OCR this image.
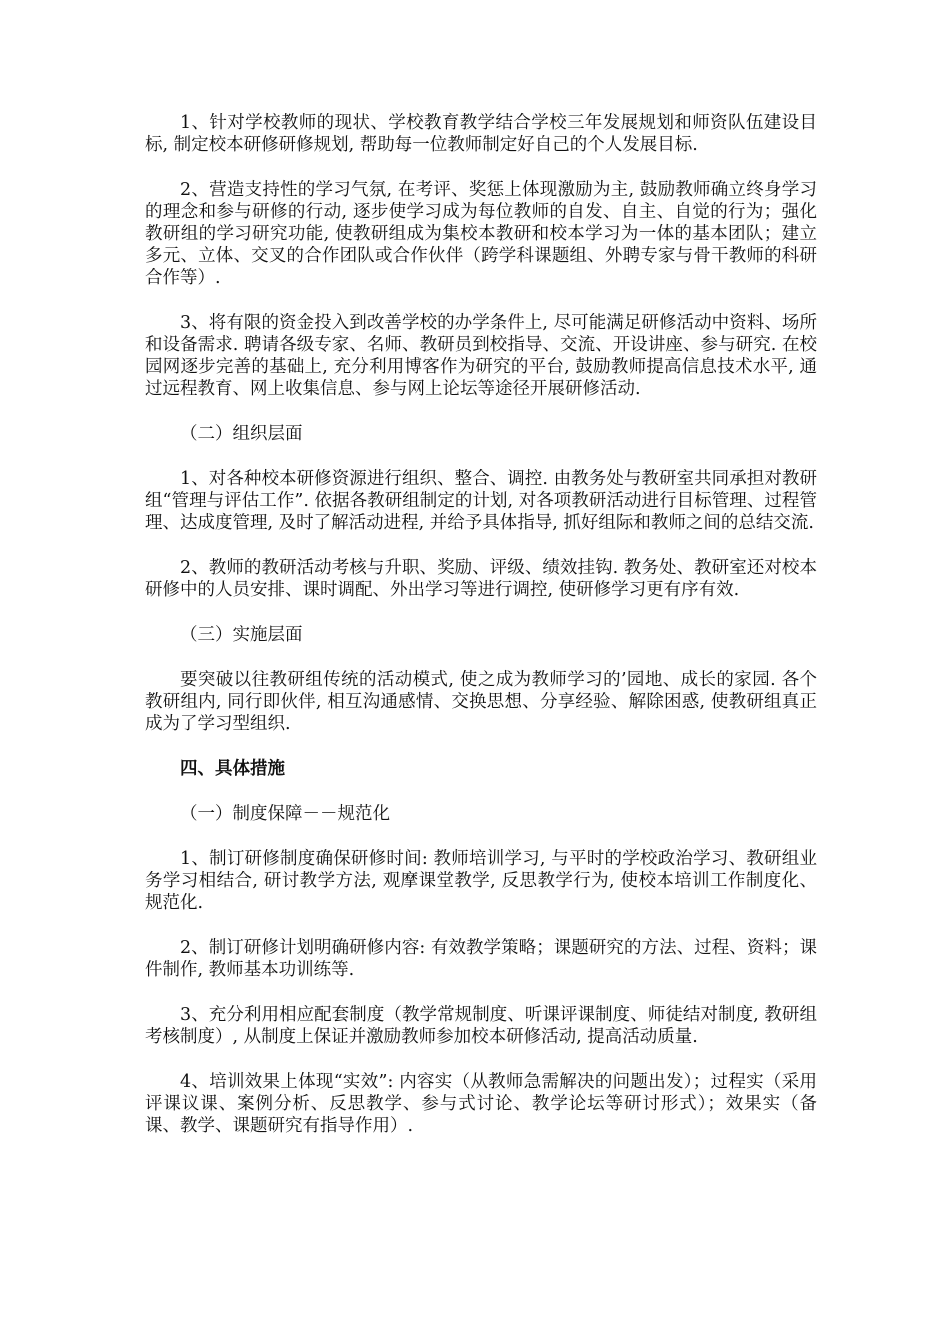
1、针对学校教师的现状、学校教育教学结合学校三年发展规划和师资队伍建设目标, 制定校本研修研修规划, 帮助每一位教师制定好自己的个人发展目标.

2、营造支持性的学习气氛, 在考评、奖惩上体现激励为主, 鼓励教师确立终身学习的理念和参与研修的行动, 逐步使学习成为每位教师的自发、自主、自觉的行为；强化教研组的学习研究功能, 使教研组成为集校本教研和校本学习为一体的基本团队；建立多元、立体、交叉的合作团队或合作伙伴（跨学科课题组、外聘专家与骨干教师的科研合作等）.

3、将有限的资金投入到改善学校的办学条件上, 尽可能满足研修活动中资料、场所和设备需求. 聘请各级专家、名师、教研员到校指导、交流、开设讲座、参与研究. 在校园网逐步完善的基础上, 充分利用博客作为研究的平台, 鼓励教师提高信息技术水平, 通过远程教育、网上收集信息、参与网上论坛等途径开展研修活动.

（二）组织层面

1、对各种校本研修资源进行组织、整合、调控. 由教务处与教研室共同承担对教研组“管理与评估工作”. 依据各教研组制定的计划, 对各项教研活动进行目标管理、过程管理、达成度管理, 及时了解活动进程, 并给予具体指导, 抓好组际和教师之间的总结交流.

2、教师的教研活动考核与升职、奖励、评级、绩效挂钩. 教务处、教研室还对校本研修中的人员安排、课时调配、外出学习等进行调控, 使研修学习更有序有效.

（三）实施层面

要突破以往教研组传统的活动模式, 使之成为教师学习的’园地、成长的家园. 各个教研组内, 同行即伙伴, 相互沟通感情、交换思想、分享经验、解除困惑, 使教研组真正成为了学习型组织.

四、具体措施

（一）制度保障－－规范化

1、制订研修制度确保研修时间: 教师培训学习, 与平时的学校政治学习、教研组业务学习相结合, 研讨教学方法, 观摩课堂教学, 反思教学行为, 使校本培训工作制度化、规范化.

2、制订研修计划明确研修内容: 有效教学策略；课题研究的方法、过程、资料；课件制作, 教师基本功训练等.

3、充分利用相应配套制度（教学常规制度、听课评课制度、师徒结对制度, 教研组考核制度）, 从制度上保证并激励教师参加校本研修活动, 提高活动质量.

4、培训效果上体现“实效”: 内容实（从教师急需解决的问题出发）；过程实（采用评课议课、案例分析、反思教学、参与式讨论、教学论坛等研讨形式）；效果实（备课、教学、课题研究有指导作用）.
